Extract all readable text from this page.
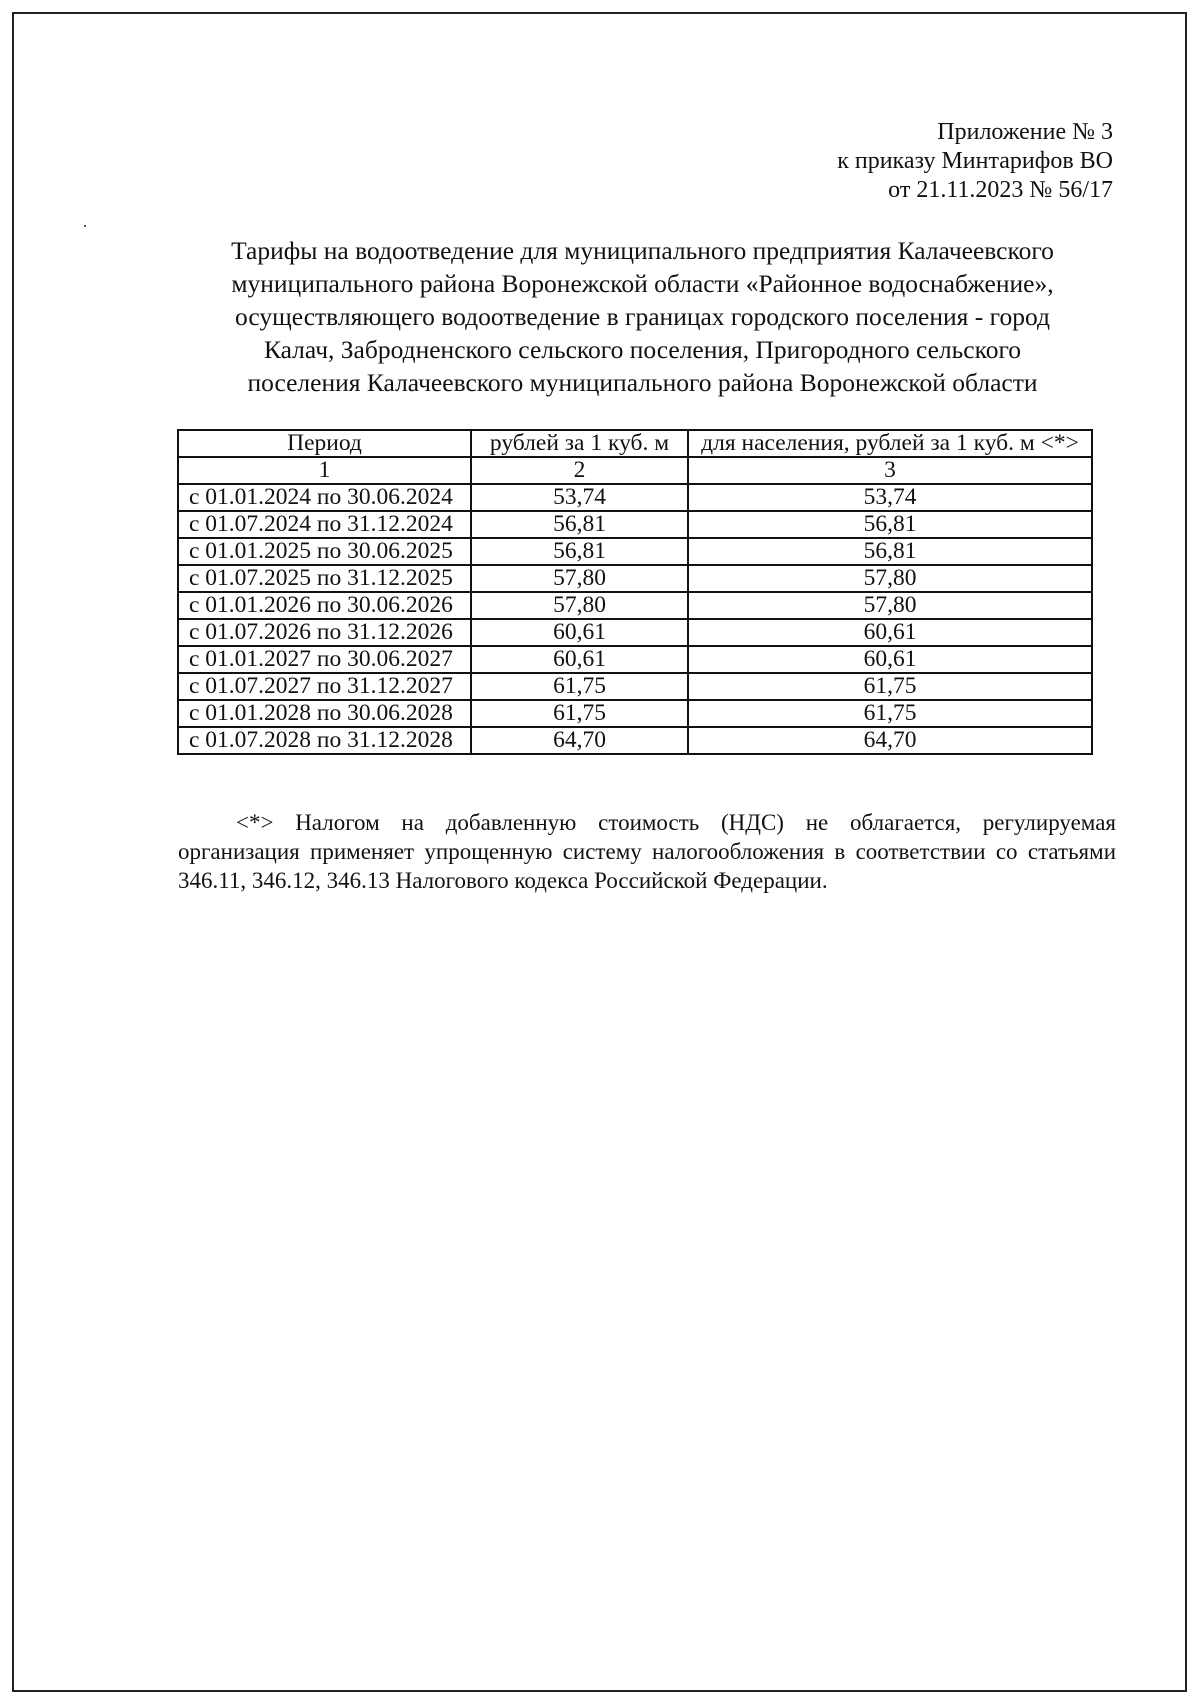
Приложение № 3
к приказу Минтарифов ВО
от 21.11.2023 № 56/17
Тарифы на водоотведение для муниципального предприятия Калачеевского
муниципального района Воронежской области «Районное водоснабжение»,
осуществляющего водоотведение в границах городского поселения - город
Калач, Забродненского сельского поселения, Пригородного сельского
поселения Калачеевского муниципального района Воронежской области
Период	рублей за 1 куб. м	для населения, рублей за 1 куб. м <*>
1	2	3
с 01.01.2024 по 30.06.2024	53,74	53,74
с 01.07.2024 по 31.12.2024	56,81	56,81
с 01.01.2025 по 30.06.2025	56,81	56,81
с 01.07.2025 по 31.12.2025	57,80	57,80
с 01.01.2026 по 30.06.2026	57,80	57,80
с 01.07.2026 по 31.12.2026	60,61	60,61
с 01.01.2027 по 30.06.2027	60,61	60,61
с 01.07.2027 по 31.12.2027	61,75	61,75
с 01.01.2028 по 30.06.2028	61,75	61,75
с 01.07.2028 по 31.12.2028	64,70	64,70
<*> Налогом на добавленную стоимость (НДС) не облагается, регулируемая
организация применяет упрощенную систему налогообложения в соответствии со статьями
346.11, 346.12, 346.13 Налогового кодекса Российской Федерации.
